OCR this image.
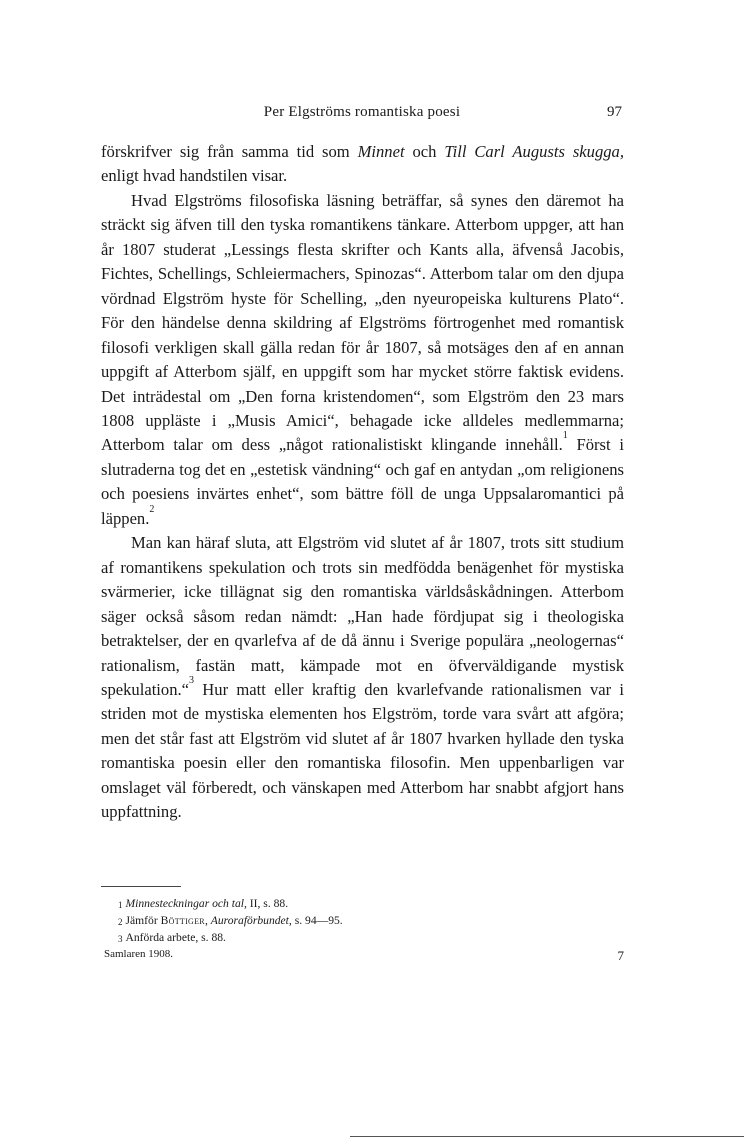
Per Elgströms romantiska poesi	97

förskrifver sig från samma tid som Minnet och Till Carl Augusts skugga, enligt hvad handstilen visar.

Hvad Elgströms filosofiska läsning beträffar, så synes den däremot ha sträckt sig äfven till den tyska romantikens tänkare. Atterbom uppger, att han år 1807 studerat „Lessings flesta skrifter och Kants alla, äfvenså Jacobis, Fichtes, Schellings, Schleiermachers, Spinozas“. Atterbom talar om den djupa vördnad Elgström hyste för Schelling, „den nyeuropeiska kulturens Plato“. För den händelse denna skildring af Elgströms förtrogenhet med romantisk filosofi verkligen skall gälla redan för år 1807, så motsäges den af en annan uppgift af Atterbom själf, en uppgift som har mycket större faktisk evidens. Det inträdestal om „Den forna kristendomen“, som Elgström den 23 mars 1808 uppläste i „Musis Amici“, behagade icke alldeles medlemmarna; Atterbom talar om dess „något rationalistiskt klingande innehåll.$^1$ Först i slutraderna tog det en „estetisk vändning“ och gaf en antydan „om religionens och poesiens invärtes enhet“, som bättre föll de unga Uppsalaromantici på läppen.$^2$

Man kan häraf sluta, att Elgström vid slutet af år 1807, trots sitt studium af romantikens spekulation och trots sin medfödda benägenhet för mystiska svärmerier, icke tillägnat sig den romantiska världsåskådningen. Atterbom säger också såsom redan nämdt: „Han hade fördjupat sig i theologiska betraktelser, der en qvarlefva af de då ännu i Sverige populära „neologernas“ rationalism, fastän matt, kämpade mot en öfverväldigande mystisk spekulation.“$^3$ Hur matt eller kraftig den kvarlefvande rationalismen var i striden mot de mystiska elementen hos Elgström, torde vara svårt att afgöra; men det står fast att Elgström vid slutet af år 1807 hvarken hyllade den tyska romantiska poesin eller den romantiska filosofin. Men uppenbarligen var omslaget väl förberedt, och vänskapen med Atterbom har snabbt afgjort hans uppfattning.

$^1$ Minnesteckningar och tal, II, s. 88.

$^2$ Jämför Böttiger, Auroraförbundet, s. 94—95.

$^3$ Anförda arbete, s. 88.

Samlaren 1908.	7
